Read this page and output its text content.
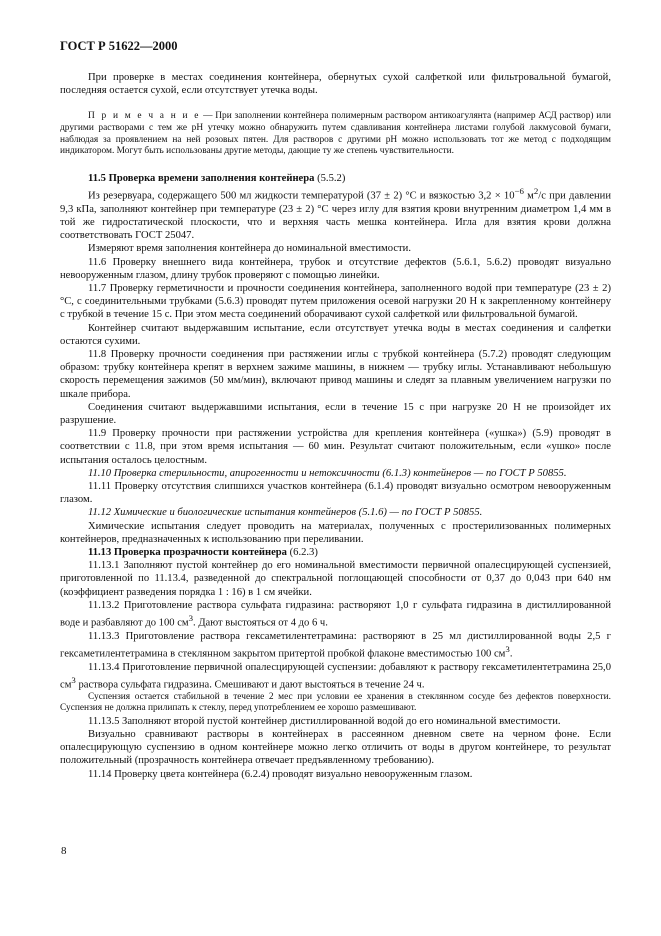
ГОСТ Р 51622—2000

При проверке в местах соединения контейнера, обернутых сухой салфеткой или фильтровальной бумагой, последняя остается сухой, если отсутствует утечка воды.

П р и м е ч а н и е — При заполнении контейнера полимерным раствором антикоагулянта (например АСД раствор) или другими растворами с тем же pH утечку можно обнаружить путем сдавливания контейнера листами голубой лакмусовой бумаги, наблюдая за проявлением на ней розовых пятен. Для растворов с другими pH можно использовать тот же метод с подходящим индикатором. Могут быть использованы другие методы, дающие ту же степень чувствительности.

11.5 Проверка времени заполнения контейнера (5.5.2)

Из резервуара, содержащего 500 мл жидкости температурой (37 ± 2) °С и вязкостью $3,2 \times 10^{-6}$ $м^2/с$ при давлении 9,3 кПа, заполняют контейнер при температуре (23 ± 2) °С через иглу для взятия крови внутренним диаметром 1,4 мм в той же гидростатической плоскости, что и верхняя часть мешка контейнера. Игла для взятия крови должна соответствовать ГОСТ 25047.

Измеряют время заполнения контейнера до номинальной вместимости.

11.6 Проверку внешнего вида контейнера, трубок и отсутствие дефектов (5.6.1, 5.6.2) проводят визуально невооруженным глазом, длину трубок проверяют с помощью линейки.

11.7 Проверку герметичности и прочности соединения контейнера, заполненного водой при температуре (23 ± 2) °С, с соединительными трубками (5.6.3) проводят путем приложения осевой нагрузки 20 Н к закрепленному контейнеру с трубкой в течение 15 с. При этом места соединений оборачивают сухой салфеткой или фильтровальной бумагой.

Контейнер считают выдержавшим испытание, если отсутствует утечка воды в местах соединения и салфетки остаются сухими.

11.8 Проверку прочности соединения при растяжении иглы с трубкой контейнера (5.7.2) проводят следующим образом: трубку контейнера крепят в верхнем зажиме машины, в нижнем — трубку иглы. Устанавливают небольшую скорость перемещения зажимов (50 мм/мин), включают привод машины и следят за плавным увеличением нагрузки по шкале прибора.

Соединения считают выдержавшими испытания, если в течение 15 с при нагрузке 20 Н не произойдет их разрушение.

11.9 Проверку прочности при растяжении устройства для крепления контейнера («ушка») (5.9) проводят в соответствии с 11.8, при этом время испытания — 60 мин. Результат считают положительным, если «ушко» после испытания осталось целостным.

11.10 Проверка стерильности, апирогенности и нетоксичности (6.1.3) контейнеров — по ГОСТ Р 50855.

11.11 Проверку отсутствия слипшихся участков контейнера (6.1.4) проводят визуально осмотром невооруженным глазом.

11.12 Химические и биологические испытания контейнеров (5.1.6) — по ГОСТ Р 50855.

Химические испытания следует проводить на материалах, полученных с простерилизованных полимерных контейнеров, предназначенных к использованию при переливании.

11.13 Проверка прозрачности контейнера (6.2.3)

11.13.1 Заполняют пустой контейнер до его номинальной вместимости первичной опалесцирующей суспензией, приготовленной по 11.13.4, разведенной до спектральной поглощающей способности от 0,37 до 0,043 при 640 нм (коэффициент разведения порядка 1 : 16) в 1 см ячейки.

11.13.2 Приготовление раствора сульфата гидразина: растворяют 1,0 г сульфата гидразина в дистиллированной воде и разбавляют до 100 $см^3$. Дают выстояться от 4 до 6 ч.

11.13.3 Приготовление раствора гексаметилентетрамина: растворяют в 25 мл дистиллированной воды 2,5 г гексаметилентетрамина в стеклянном закрытом притертой пробкой флаконе вместимостью 100 $см^3$.

11.13.4 Приготовление первичной опалесцирующей суспензии: добавляют к раствору гексаметилентетрамина 25,0 $см^3$ раствора сульфата гидразина. Смешивают и дают выстояться в течение 24 ч.

Суспензия остается стабильной в течение 2 мес при условии ее хранения в стеклянном сосуде без дефектов поверхности. Суспензия не должна прилипать к стеклу, перед употреблением ее хорошо размешивают.

11.13.5 Заполняют второй пустой контейнер дистиллированной водой до его номинальной вместимости.

Визуально сравнивают растворы в контейнерах в рассеянном дневном свете на черном фоне. Если опалесцирующую суспензию в одном контейнере можно легко отличить от воды в другом контейнере, то результат положительный (прозрачность контейнера отвечает предъявленному требованию).

11.14 Проверку цвета контейнера (6.2.4) проводят визуально невооруженным глазом.

8
